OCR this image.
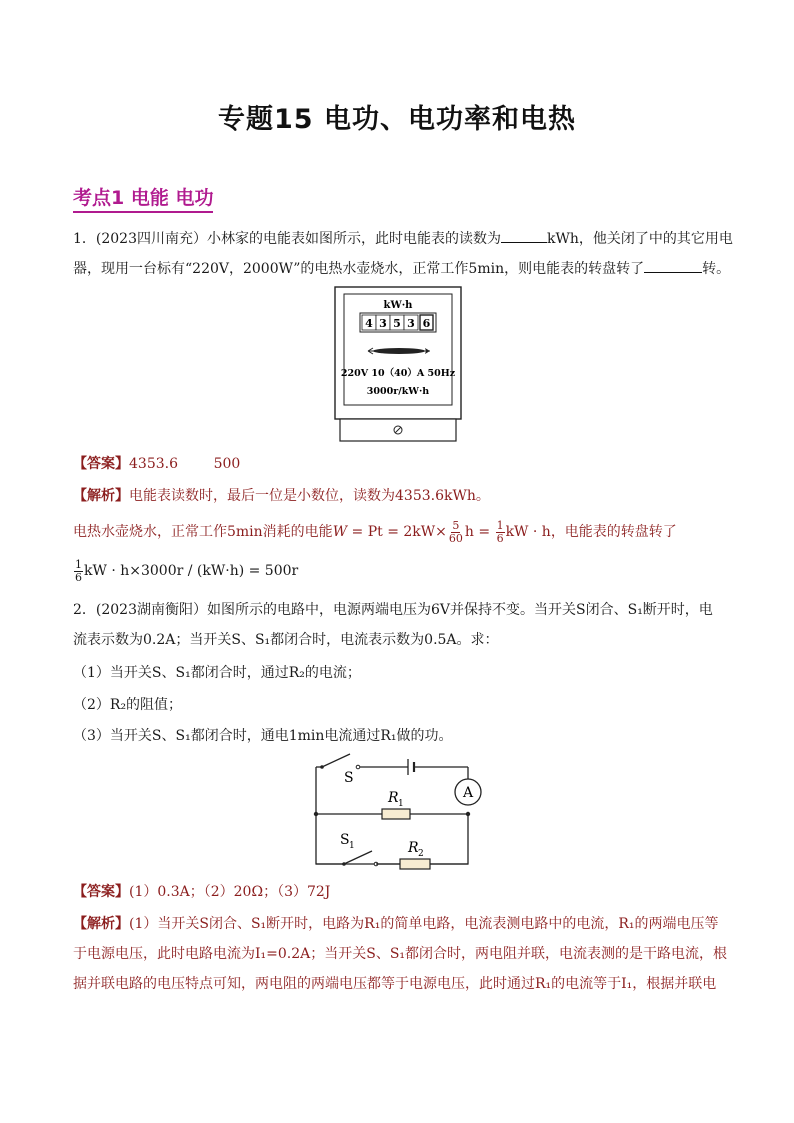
专题15 电功、电功率和电热
考点1 电能 电功
1．(2023四川南充）小林家的电能表如图所示，此时电能表的读数为	kWh，他关闭了中的其它用电
器，现用一台标有“220V，2000W”的电热水壶烧水，正常工作5min，则电能表的转盘转了	转。
kW·h
4 3 5 3 6
220V 10（40）A 50Hz
3000r/kW·h
【答案】4353.6        500
【解析】电能表读数时，最后一位是小数位，读数为4353.6kWh。
电热水壶烧水，正常工作5min消耗的电能$W = Pt = 2kW\times \frac{5}{60}$ $h = \frac{1}{6}$ kW · h，电能表的转盘转了
$\frac{1}{6}$ kW · h×3000r / (kW·h) = 500r
2．(2023湖南衡阳）如图所示的电路中，电源两端电压为6V并保持不变。当开关S闭合、S₁断开时，电
流表示数为0.2A；当开关S、S₁都闭合时，电流表示数为0.5A。求：
（1）当开关S、S₁都闭合时，通过R₂的电流；
（2）R₂的阻值；
（3）当开关S、S₁都闭合时，通电1min电流通过R₁做的功。
A
R 1
R 2
S
S 1
【答案】(1）0.3A；（2）20Ω；（3）72J
【解析】(1）当开关S闭合、S₁断开时，电路为R₁的简单电路，电流表测电路中的电流，R₁的两端电压等
于电源电压，此时电路电流为I₁=0.2A；当开关S、S₁都闭合时，两电阻并联，电流表测的是干路电流，根
据并联电路的电压特点可知，两电阻的两端电压都等于电源电压，此时通过R₁的电流等于I₁，根据并联电
